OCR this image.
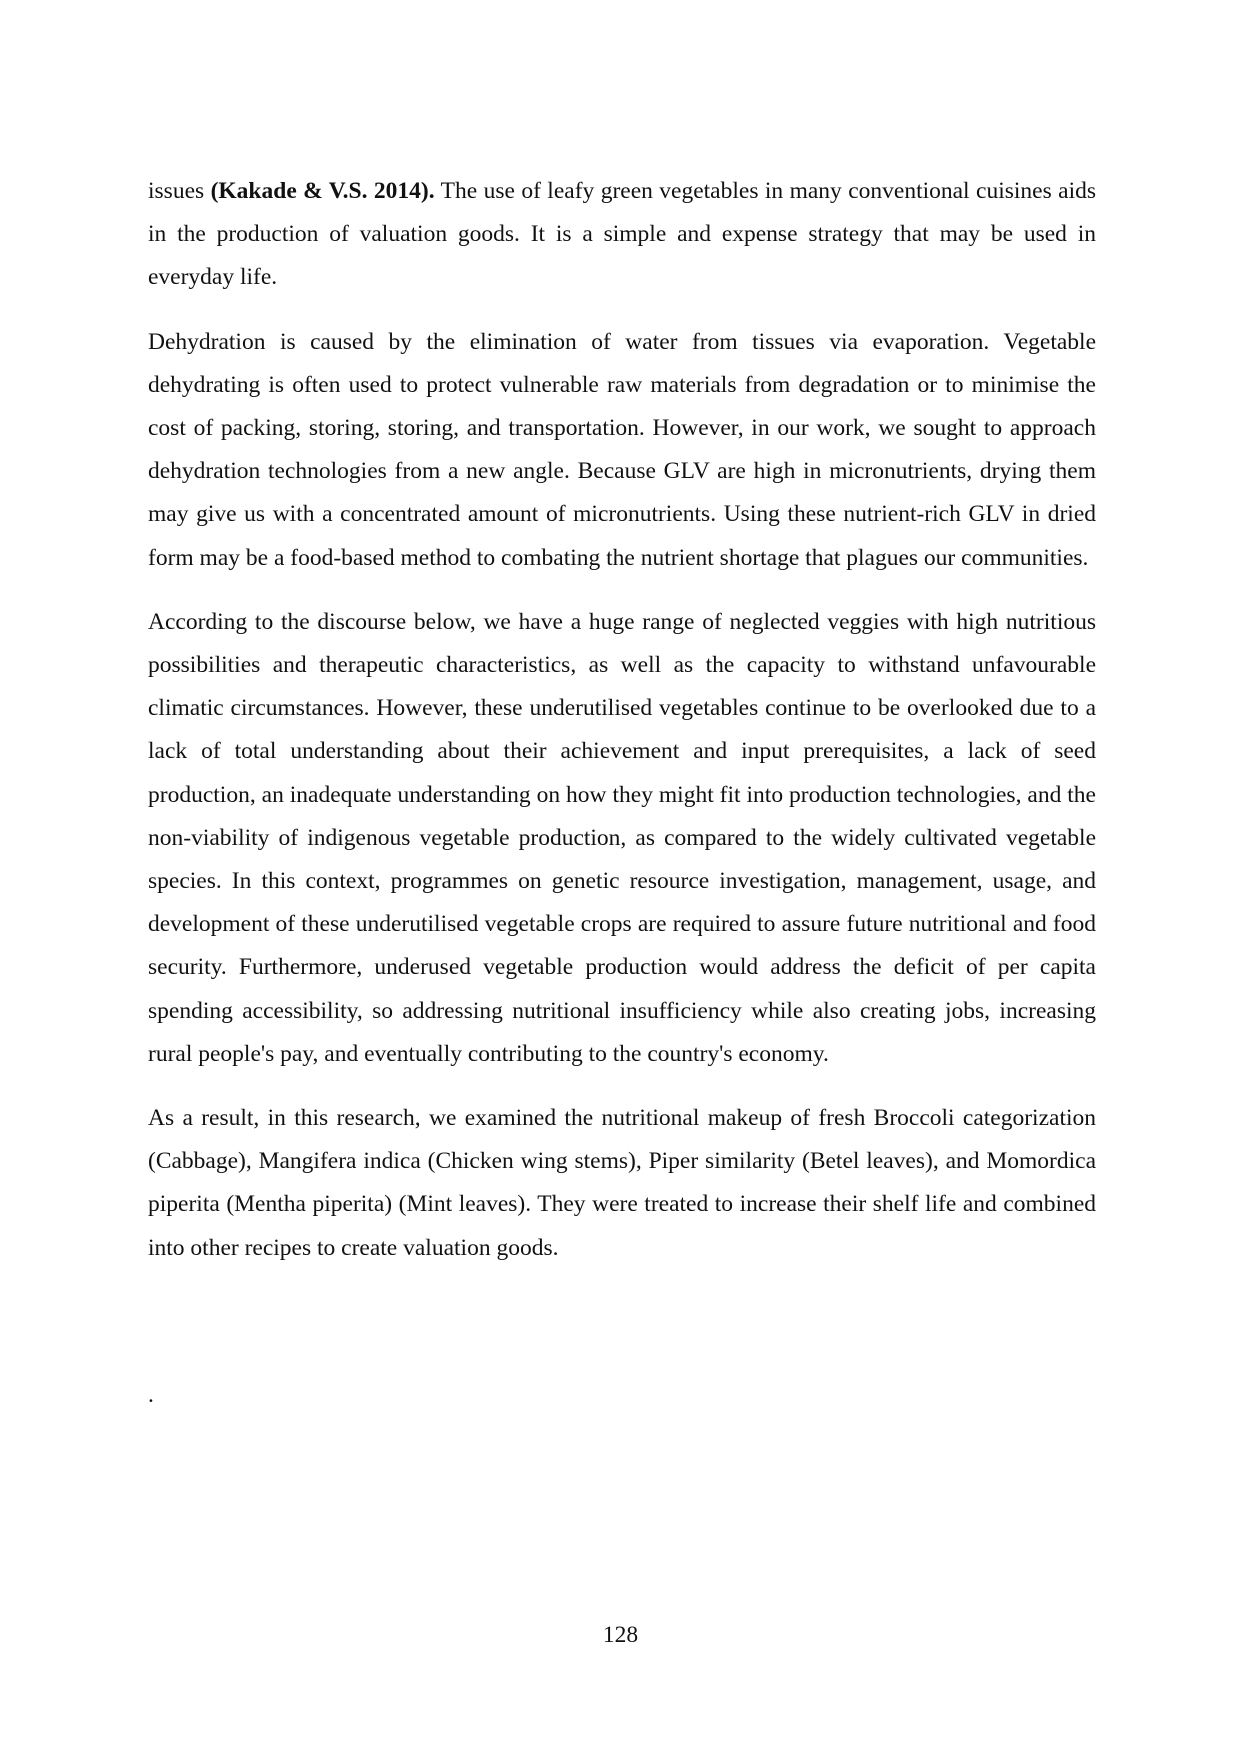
issues (Kakade & V.S. 2014). The use of leafy green vegetables in many conventional cuisines aids in the production of valuation goods. It is a simple and expense strategy that may be used in everyday life.

Dehydration is caused by the elimination of water from tissues via evaporation. Vegetable dehydrating is often used to protect vulnerable raw materials from degradation or to minimise the cost of packing, storing, storing, and transportation. However, in our work, we sought to approach dehydration technologies from a new angle. Because GLV are high in micronutrients, drying them may give us with a concentrated amount of micronutrients. Using these nutrient-rich GLV in dried form may be a food-based method to combating the nutrient shortage that plagues our communities.

According to the discourse below, we have a huge range of neglected veggies with high nutritious possibilities and therapeutic characteristics, as well as the capacity to withstand unfavourable climatic circumstances. However, these underutilised vegetables continue to be overlooked due to a lack of total understanding about their achievement and input prerequisites, a lack of seed production, an inadequate understanding on how they might fit into production technologies, and the non-viability of indigenous vegetable production, as compared to the widely cultivated vegetable species. In this context, programmes on genetic resource investigation, management, usage, and development of these underutilised vegetable crops are required to assure future nutritional and food security. Furthermore, underused vegetable production would address the deficit of per capita spending accessibility, so addressing nutritional insufficiency while also creating jobs, increasing rural people's pay, and eventually contributing to the country's economy.

As a result, in this research, we examined the nutritional makeup of fresh Broccoli categorization (Cabbage), Mangifera indica (Chicken wing stems), Piper similarity (Betel leaves), and Momordica piperita (Mentha piperita) (Mint leaves). They were treated to increase their shelf life and combined into other recipes to create valuation goods.

.
128
